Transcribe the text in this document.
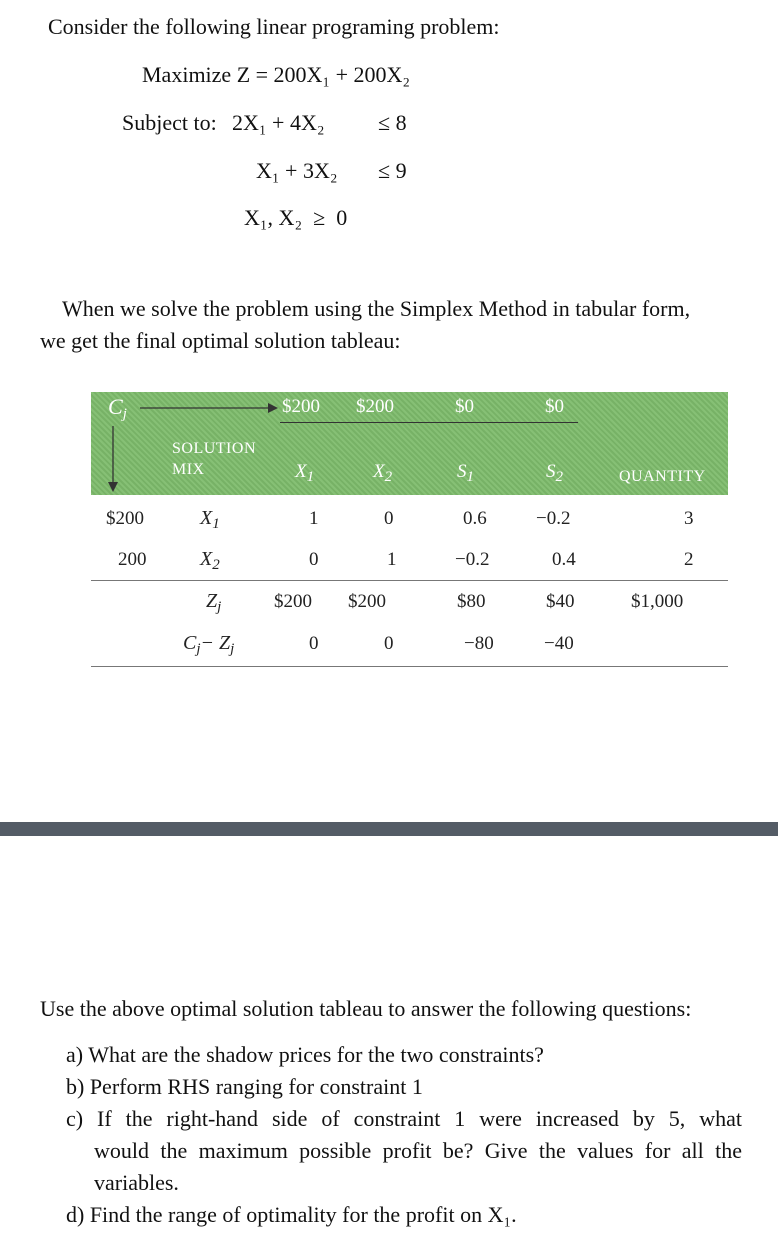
Consider the following linear programing problem:
Maximize Z = 200X₁ + 200X₂
Subject to: 2X₁ + 4X₂ ≤ 8
X₁ + 3X₂ ≤ 9
X₁, X₂  ≥  0
When we solve the problem using the Simplex Method in tabular form,
we get the final optimal solution tableau:
$C_j$	$200 $200	$0	$0
SOLUTION
MIX	$X_1$	$X_2$	$S_1$	$S_2$	QUANTITY
$200	$X_1$	1	0	0.6	−0.2	3
200	$X_2$	0	1	−0.2	0.4	2
$Z_j$	$200 $200	$80	$40	$1,000
$C_j- Z_j$	0	0	−80	−40
Use the above optimal solution tableau to answer the following questions:
a) What are the shadow prices for the two constraints?
b) Perform RHS ranging for constraint 1
c) If the right-hand side of constraint 1 were increased by 5, what
would the maximum possible profit be? Give the values for all the
variables.
d) Find the range of optimality for the profit on X₁.
